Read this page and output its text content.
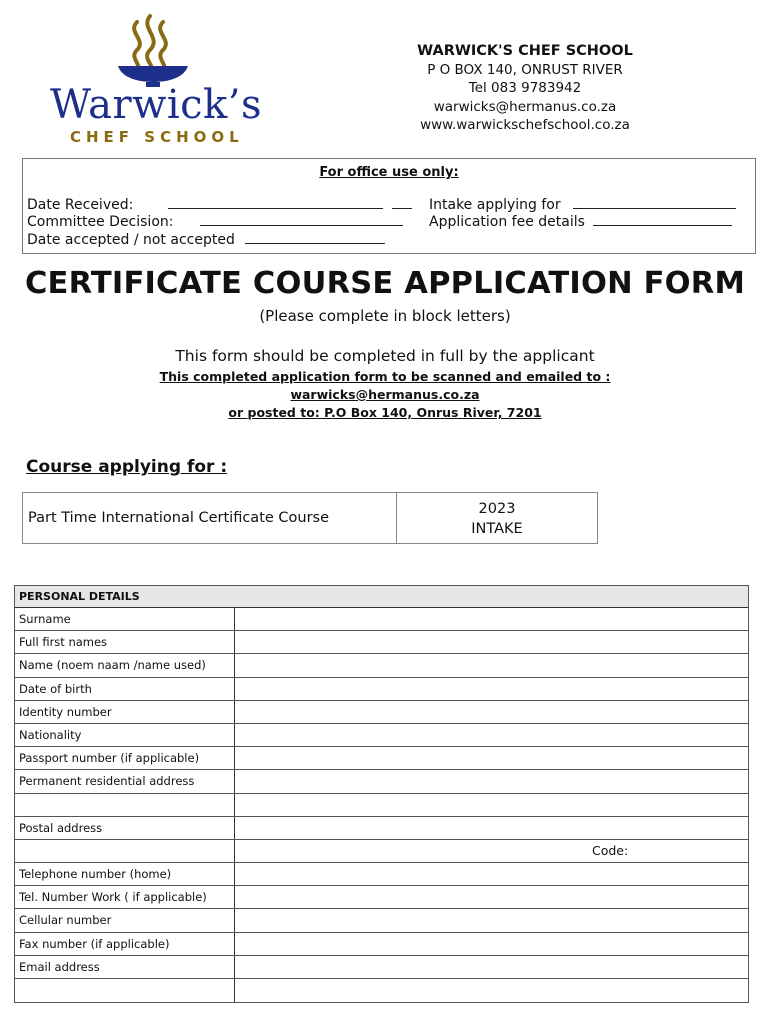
Warwick’s
CHEF SCHOOL
WARWICK'S CHEF SCHOOL
P O BOX 140, ONRUST RIVER
Tel 083 9783942
warwicks@hermanus.co.za
www.warwickschefschool.co.za
For office use only:
Date Received:
Committee Decision:
Date accepted / not accepted
Intake applying for
Application fee details
CERTIFICATE COURSE APPLICATION FORM
(Please complete in block letters)
This form should be completed in full by the applicant
This completed application form to be scanned and emailed to :
warwicks@hermanus.co.za
or posted to: P.O Box 140, Onrus River, 7201
Course applying for :
Part Time International Certificate Course
2023
INTAKE
PERSONAL DETAILS
Surname
Full first names
Name (noem naam /name used)
Date of birth
Identity number
Nationality
Passport number (if applicable)
Permanent residential address
Postal address
Code:
Telephone number (home)
Tel. Number Work ( if applicable)
Cellular number
Fax number (if applicable)
Email address
